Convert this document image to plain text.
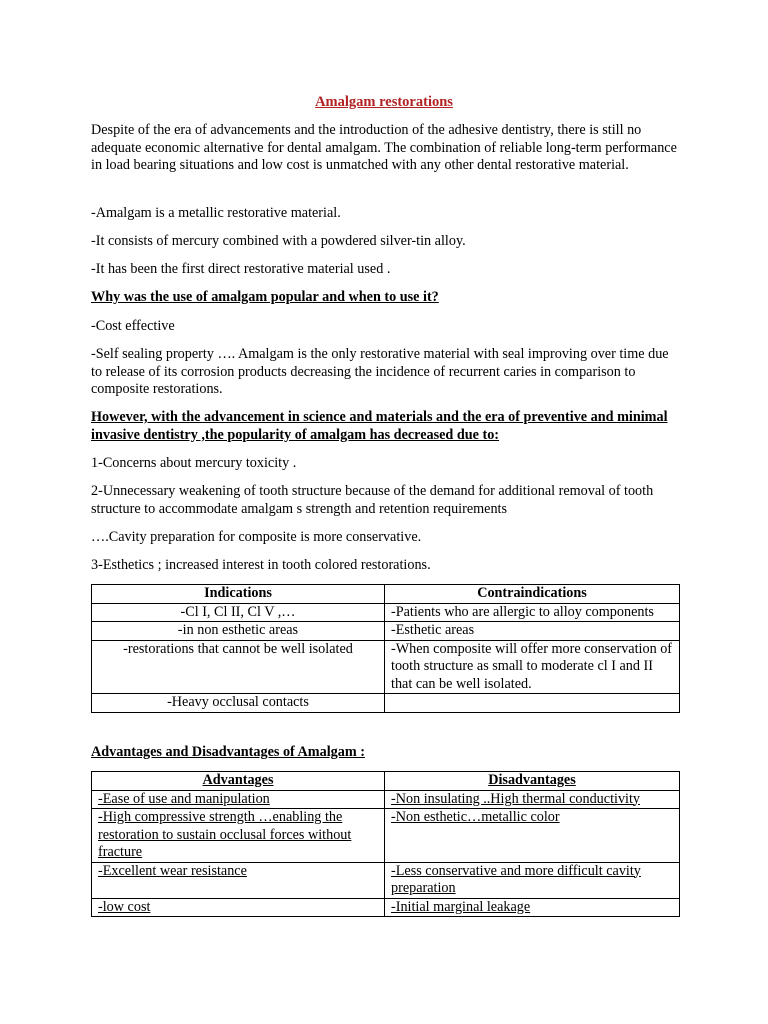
Amalgam restorations
Despite of the era of advancements and the introduction of the adhesive dentistry, there is still no adequate economic alternative for dental amalgam. The combination of reliable long-term performance in load bearing situations and low cost is unmatched with any other dental restorative material.
-Amalgam is a metallic restorative material.
-It consists of mercury combined with a powdered silver-tin alloy.
-It has been the first direct restorative material used .
Why was the use of amalgam popular and when to use it?
-Cost effective
-Self sealing property …. Amalgam is the only restorative material with seal improving over time due to release of its corrosion products decreasing the incidence of recurrent caries in comparison to composite restorations.
However, with the advancement in science and materials and the era of preventive and minimal invasive dentistry ,the popularity of amalgam has decreased due to:
1-Concerns about mercury toxicity .
2-Unnecessary weakening of tooth structure because of the demand for additional removal of tooth structure to accommodate amalgam s strength and retention requirements
….Cavity preparation for composite is more conservative.
3-Esthetics ; increased interest in tooth colored restorations.
Indications	Contraindications
-Cl I, Cl II, Cl V ,…	-Patients who are allergic to alloy components
-in non esthetic areas	-Esthetic areas
-restorations that cannot be well isolated	-When composite will offer more conservation of tooth structure as small to moderate cl I and II that can be well isolated.
-Heavy occlusal contacts	
Advantages and Disadvantages of Amalgam :
Advantages	Disadvantages
-Ease of use and manipulation	-Non insulating ..High thermal conductivity
-High compressive strength …enabling the restoration to sustain occlusal forces without fracture	-Non esthetic…metallic color
-Excellent wear resistance	-Less conservative and more difficult cavity preparation
-low cost	-Initial marginal leakage
